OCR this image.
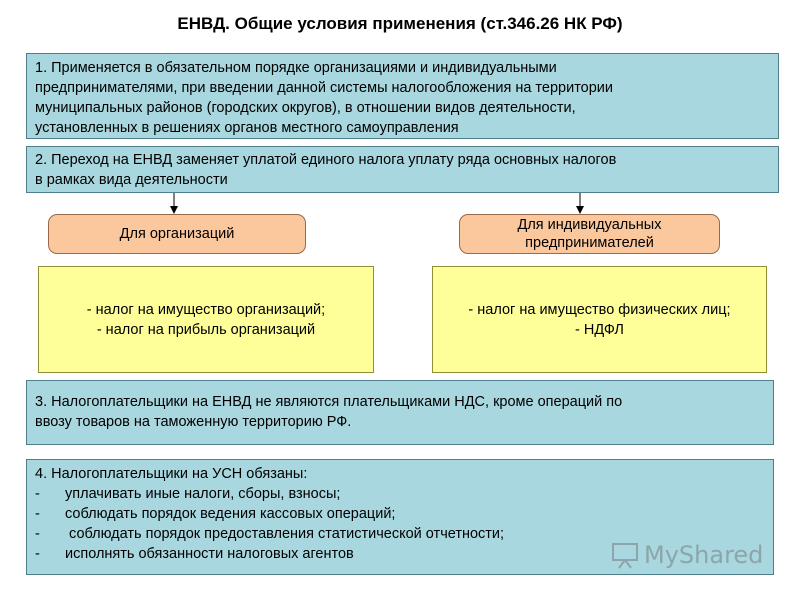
ЕНВД. Общие условия применения (ст.346.26 НК РФ)
1. Применяется в обязательном порядке организациями и индивидуальными
предпринимателями, при введении данной системы налогообложения на территории
муниципальных районов (городских округов), в отношении видов деятельности,
установленных в решениях органов местного самоуправления
2. Переход на ЕНВД заменяет уплатой единого налога уплату ряда основных налогов
в рамках вида деятельности
Для организаций
Для индивидуальных предпринимателей
- налог на имущество организаций;
- налог на прибыль организаций
- налог на имущество физических лиц;
- НДФЛ
3. Налогоплательщики на ЕНВД не являются плательщиками НДС, кроме операций по
ввозу товаров на таможенную территорию РФ.
4. Налогоплательщики на УСН обязаны:
-	уплачивать иные налоги, сборы, взносы;
-	соблюдать порядок ведения кассовых операций;
-	соблюдать порядок предоставления статистической отчетности;
-	исполнять обязанности налоговых агентов	MyShared
